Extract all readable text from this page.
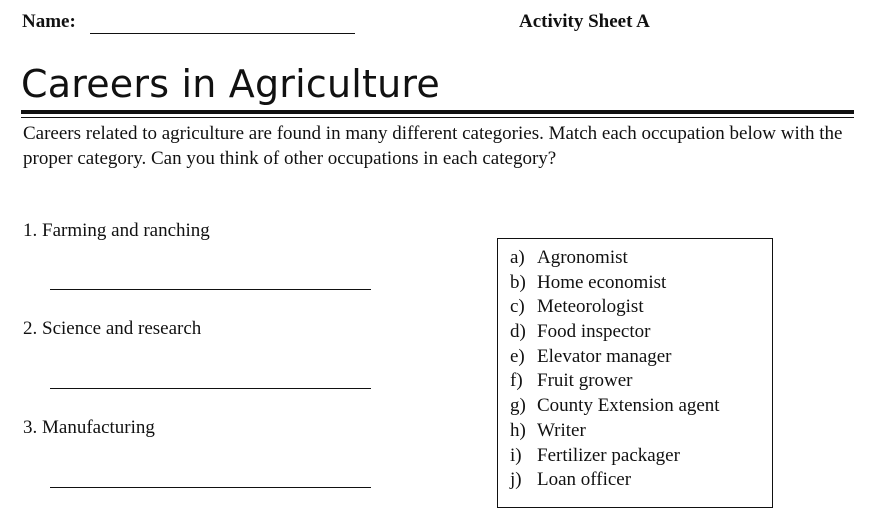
Name:	Activity Sheet A
Careers in Agriculture
Careers related to agriculture are found in many different categories. Match each occupation below with the proper category. Can you think of other occupations in each category?
1. Farming and ranching
2. Science and research
3. Manufacturing
a) Agronomist
b) Home economist
c) Meteorologist
d) Food inspector
e) Elevator manager
f) Fruit grower
g) County Extension agent
h) Writer
i) Fertilizer packager
j) Loan officer
